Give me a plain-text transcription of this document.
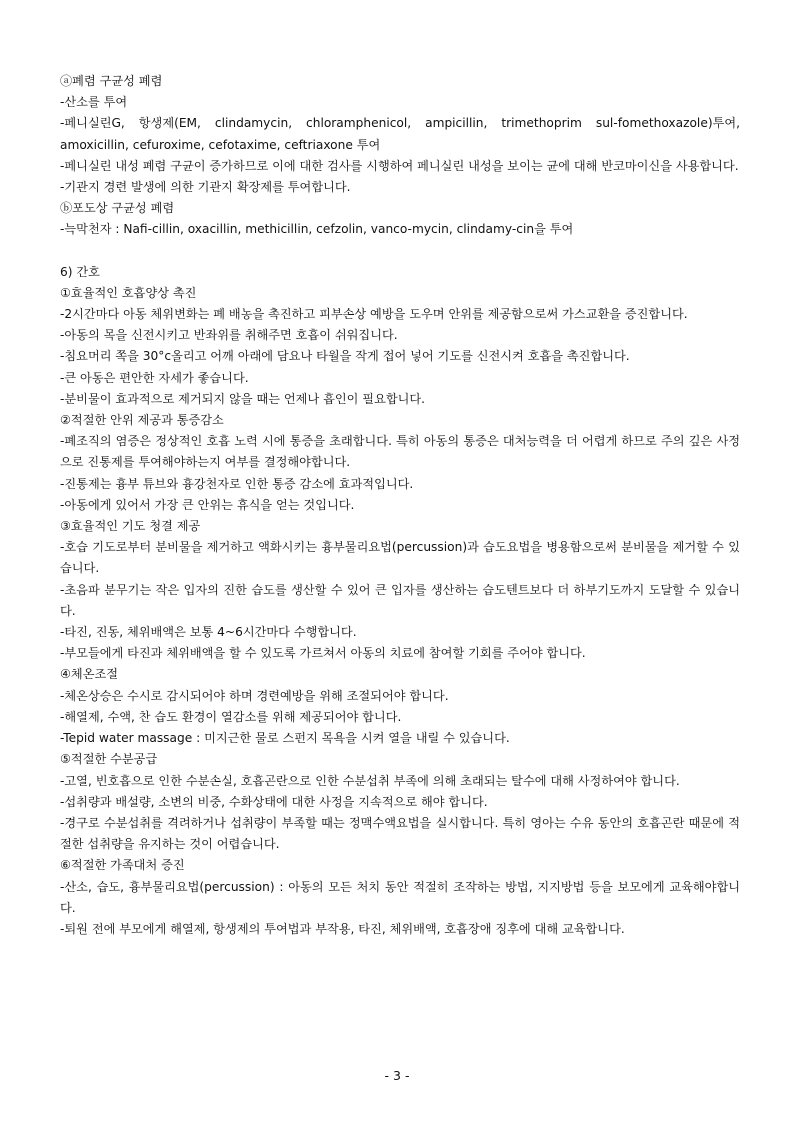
ⓐ폐렴 구균성 폐렴
-산소를 투여
-페니실린G, 항생제(EM, clindamycin, chloramphenicol, ampicillin, trimethoprim sul-fomethoxazole)투여, amoxicillin, cefuroxime, cefotaxime, ceftriaxone 투여
-페니실린 내성 폐렴 구균이 증가하므로 이에 대한 검사를 시행하여 페니실린 내성을 보이는 균에 대해 반코마이신을 사용합니다.
-기관지 경련 발생에 의한 기관지 확장제를 투여합니다.
ⓑ포도상 구균성 폐렴
-늑막천자 : Nafi-cillin, oxacillin, methicillin, cefzolin, vanco-mycin, clindamy-cin을 투여
6) 간호
①효율적인 호흡양상 촉진
-2시간마다 아동 체위변화는 폐 배농을 촉진하고 피부손상 예방을 도우며 안위를 제공함으로써 가스교환을 증진합니다.
-아동의 목을 신전시키고 반좌위를 취해주면 호흡이 쉬워집니다.
-침요머리 쪽을 30°c올리고 어깨 아래에 담요나 타월을 작게 접어 넣어 기도를 신전시켜 호흡을 촉진합니다.
-큰 아동은 편안한 자세가 좋습니다.
-분비물이 효과적으로 제거되지 않을 때는 언제나 흡인이 필요합니다.
②적절한 안위 제공과 통증감소
-폐조직의 염증은 정상적인 호흡 노력 시에 통증을 초래합니다. 특히 아동의 통증은 대처능력을 더 어렵게 하므로 주의 깊은 사정으로 진통제를 투여해야하는지 여부를 결정해야합니다.
-진통제는 흉부 튜브와 흉강천자로 인한 통증 감소에 효과적입니다.
-아동에게 있어서 가장 큰 안위는 휴식을 얻는 것입니다.
③효율적인 기도 청결 제공
-호습 기도로부터 분비물을 제거하고 액화시키는 흉부물리요법(percussion)과 습도요법을 병용함으로써 분비물을 제거할 수 있습니다.
-초음파 분무기는 작은 입자의 진한 습도를 생산할 수 있어 큰 입자를 생산하는 습도텐트보다 더 하부기도까지 도달할 수 있습니다.
-타진, 진동, 체위배액은 보통 4~6시간마다 수행합니다.
-부모들에게 타진과 체위배액을 할 수 있도록 가르쳐서 아동의 치료에 참여할 기회를 주어야 합니다.
④체온조절
-체온상승은 수시로 감시되어야 하며 경련예방을 위해 조절되어야 합니다.
-해열제, 수액, 찬 습도 환경이 열감소를 위해 제공되어야 합니다.
-Tepid water massage : 미지근한 물로 스펀지 목욕을 시켜 열을 내릴 수 있습니다.
⑤적절한 수분공급
-고열, 빈호흡으로 인한 수분손실, 호흡곤란으로 인한 수분섭취 부족에 의해 초래되는 탈수에 대해 사정하여야 합니다.
-섭취량과 배설량, 소변의 비중, 수화상태에 대한 사정을 지속적으로 해야 합니다.
-경구로 수분섭취를 격려하거나 섭취량이 부족할 때는 정맥수액요법을 실시합니다. 특히 영아는 수유 동안의 호흡곤란 때문에 적절한 섭취량을 유지하는 것이 어렵습니다.
⑥적절한 가족대처 증진
-산소, 습도, 흉부물리요법(percussion) : 아동의 모든 처치 동안 적절히 조작하는 방법, 지지방법 등을 보모에게 교육해야합니다.
-퇴원 전에 부모에게 해열제, 항생제의 투여법과 부작용, 타진, 체위배액, 호흡장애 징후에 대해 교육합니다.
- 3 -
